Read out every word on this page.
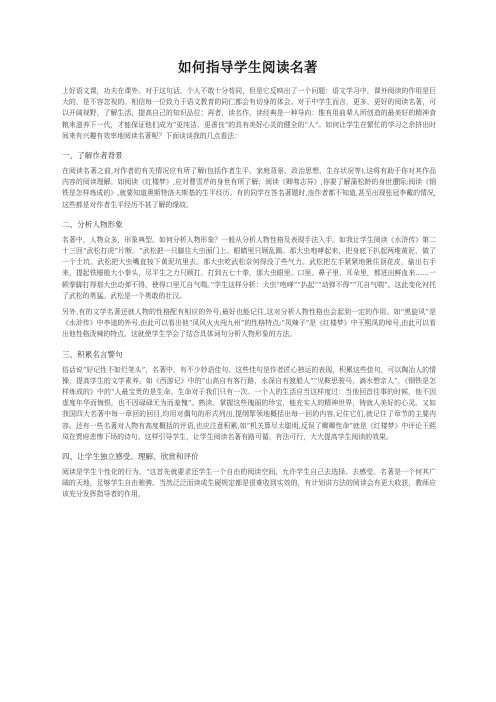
如何指导学生阅读名著

上好语文课，功夫在课外。对于这句话，个人不敢十分苟同，但是它反映出了一个问题：语文学习中，课外阅读的作用是巨大的，是不容忽视的。相信每一位致力于语文教育的同仁都会有切身的体会。对于中学生而言，更多、更好的阅读名著，可以开阔视野，了解生活，提高自己的知识品位；再者，读名作，读经典是一种导向：惟有用前辈人所创造的最美好的精神食粮来滋养下一代，才能保证他们成为“更纯洁、更善良”的具有美好心灵的健全的“人”。如何让学生在繁忙的学习之余挤出时间来有兴趣有效率地阅读名著呢？下面谈谈我的几点看法：

一、了解作者背景

在阅读名著之前,对作者的有关情况应有所了解(包括作者生平、家庭背景、政治思想、生存状况等),这将有助于你对其作品内容的阅读理解。如阅读《红楼梦》,应对曹雪芹的身世有所了解；阅读《卿弗志异》,你要了解蒲松龄的身世遭际;阅读《钢铁是怎样炼成的》,就要知道奥斯特洛夫斯基的生平经历。有的同学在答名著题时,连作者都不知道,甚至出现张冠李戴的情况,这些都是对作者生平经历不甚了解的缘故。

二、分析人物形象

名著中，人物众多，形象典型。如何分析人物形象？一般从分析人物性格及表现手法入手。如我让学生阅读《水浒传》第二十三回“武松打虎”片断。“武松把一只脚往大虫面门上、眼睛里只顾乱踢。那大虫咆哮起来，把身底下扒起两堆黄泥，做了一个土坑。武松把大虫嘴直按下黄泥坑里去。那大虫吃武松奈何得没了些气力。武松把左手紧紧地揪住顶花皮，偷出右手来，提起铁锤般大小拳头，尽平生之力只顾打。打到五七十拳，那大虫眼里、口里、鼻子里、耳朵里，都迸出鲜血来……一顿拳脚打得那大虫动弹不得，使得口里兀自气喘。”学生这样分析：大虫“咆哮”“扒起”“动弹不得”“兀自气喘”。这此变化衬托了武松的勇猛。武松是一个勇敢的壮汉。

另外,有的文学名著还就人物的性格配有相应的外号,最好也能记住,这对分析人物性格也会起到一定的作用。如“黑旋风”是《水浒传》中李逵的外号,由此可以看出他“风风火火闯九州”的性格特点;“凤辣子”是《红楼梦》中王熙凤的绰号,由此可以看出他性格泼辣的特点。这就使学生学会了结合具体词句分析人物形象的方法。

三、积累名言警句

俗话说“好记性不如烂笔头”，名著中，有不少妙语佳句。这些佳句是作者匠心独运的表现，积累这些佳句，可以陶冶人的情操，提高学生的文学素养。如《西游记》中的“山高自有客行路，水深自有渡船人”“见鞍思骏马，滴水想亲人”，《钢铁是怎样炼成的》中的“人最宝贵的是生命。生命对于我们只有一次。一个人的生活应当这样度过：当他回首往事的时候，他不因虚度年华而悔恨，也不因碌碌无为而羞愧”。熟读、掌握这些瑰丽的珍宝，能充实人的精神世界，铸就人美好的心灵。又如我国四大名著中每一章回的回目,均用对偶句的形式列出,提纲挈领地概括出每一回的内容,记住它们,就记住了章节的主要内容。还有一些名著对人物有高度概括的评语,也应注意积累,如“机关算尽太聪明,反误了卿卿性命”就是《红楼梦》中评论王熙凤在贾府悲惨下场的诗句。这样引导学生，让学生阅读名著有路可循，有法可行，大大提高学生阅读的效果。

四、让学生独立感受、理解、欣赏和评价

阅读是学生个性化的行为。“这首先就要求还学生一个自由的阅读空间，允许学生自己去选择、去感受。名著是一个何其广阔的天地，足够学生自由驰骋。当然泛泛而读或生硬规定都是很难收到实效的，有计划讲方法的阅读会有更大收获，教师应该充分发挥指导者的作用，
